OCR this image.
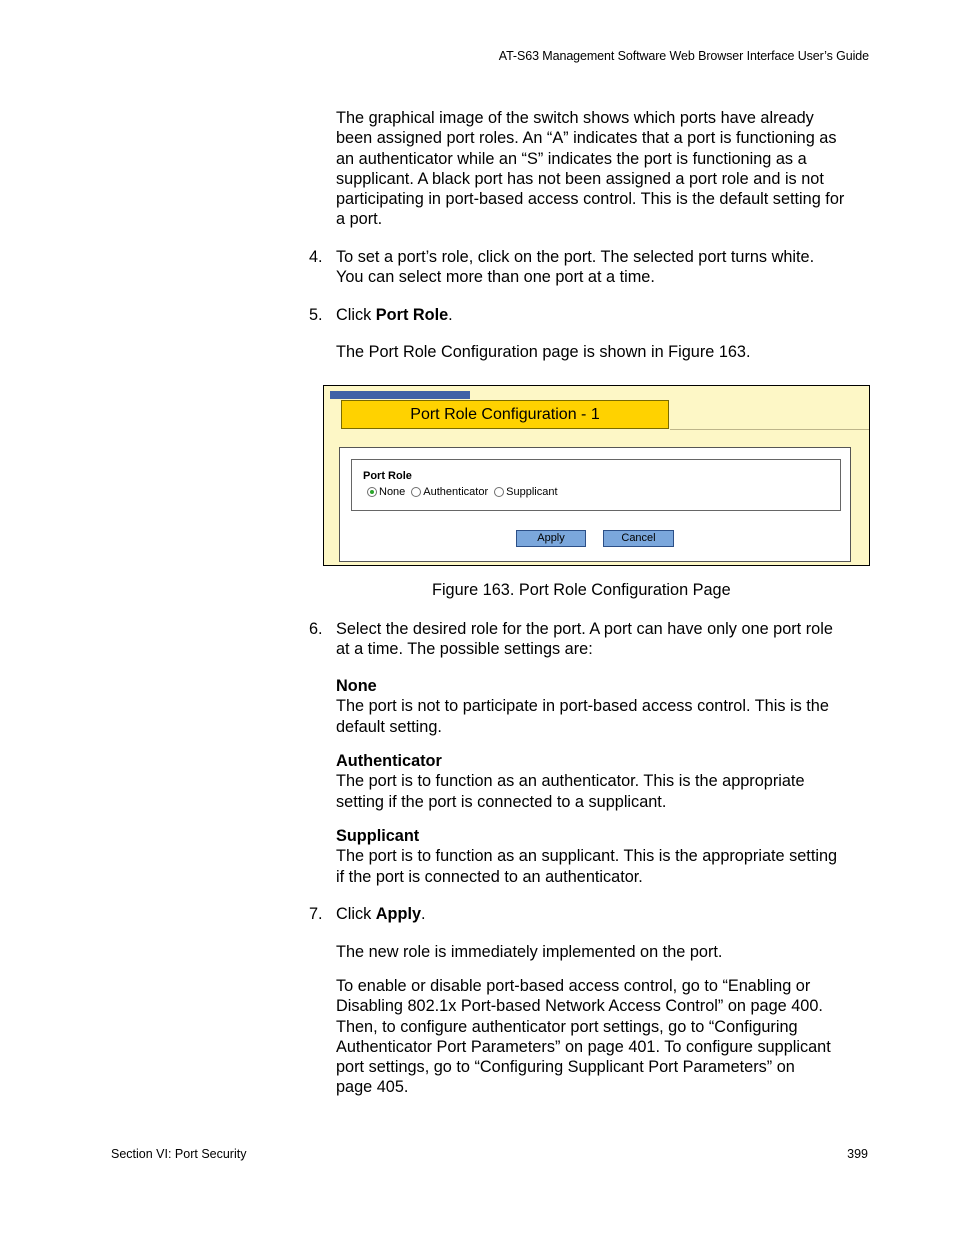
AT-S63 Management Software Web Browser Interface User’s Guide
The graphical image of the switch shows which ports have already
been assigned port roles. An “A” indicates that a port is functioning as
an authenticator while an “S” indicates the port is functioning as a
supplicant. A black port has not been assigned a port role and is not
participating in port-based access control. This is the default setting for
a port.
4. To set a port’s role, click on the port. The selected port turns white.
You can select more than one port at a time.
5. Click Port Role.
The Port Role Configuration page is shown in Figure 163.
Port Role Configuration - 1
Port Role
None Authenticator Supplicant
Apply	Cancel
Figure 163. Port Role Configuration Page
6. Select the desired role for the port. A port can have only one port role
at a time. The possible settings are:
None
The port is not to participate in port-based access control. This is the
default setting.
Authenticator
The port is to function as an authenticator. This is the appropriate
setting if the port is connected to a supplicant.
Supplicant
The port is to function as an supplicant. This is the appropriate setting
if the port is connected to an authenticator.
7. Click Apply.
The new role is immediately implemented on the port.
To enable or disable port-based access control, go to “Enabling or
Disabling 802.1x Port-based Network Access Control” on page 400.
Then, to configure authenticator port settings, go to “Configuring
Authenticator Port Parameters” on page 401. To configure supplicant
port settings, go to “Configuring Supplicant Port Parameters” on
page 405.
Section VI: Port Security	399
